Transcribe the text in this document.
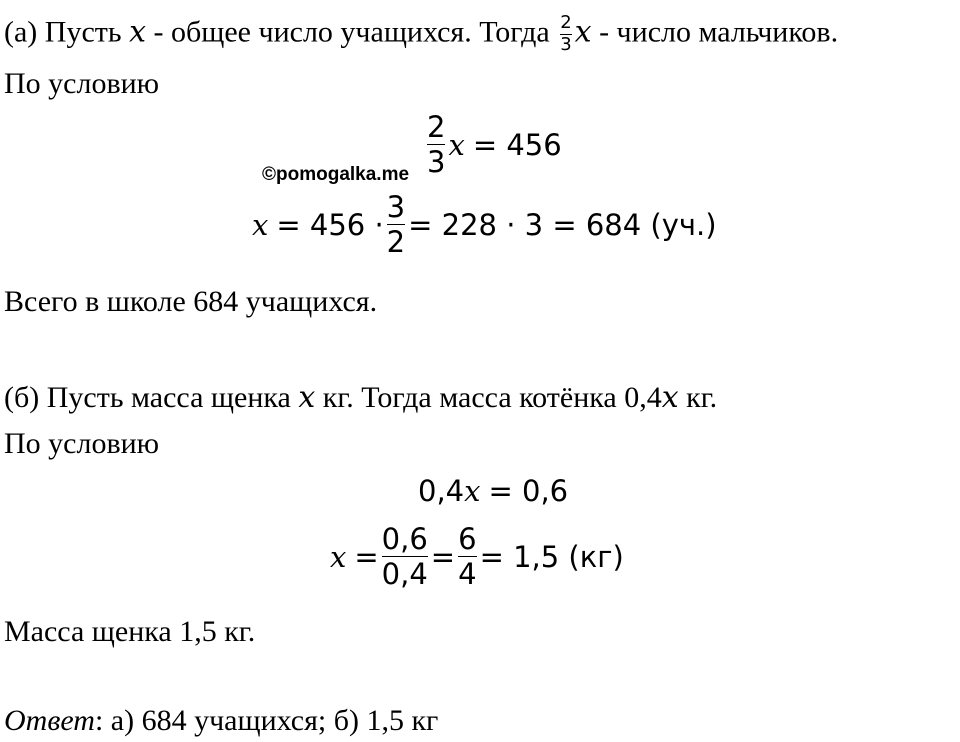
(а) Пусть x - общее число учащихся. Тогда $\frac{2}{3}$ x - число мальчиков.
По условию
$\frac{2}{3}$ x = 456
©pomogalka.me
$x = 456 \cdot \frac{3}{2} = 228 \cdot 3 = 684$ (уч.)
Всего в школе 684 учащихся.
(б) Пусть масса щенка x кг. Тогда масса котёнка 0,4x кг.
По условию
0,4 x = 0,6
$x = \frac{0,6}{0,4} = \frac{6}{4} = 1,5$ (кг)
Масса щенка 1,5 кг.
Ответ: а) 684 учащихся; б) 1,5 кг
